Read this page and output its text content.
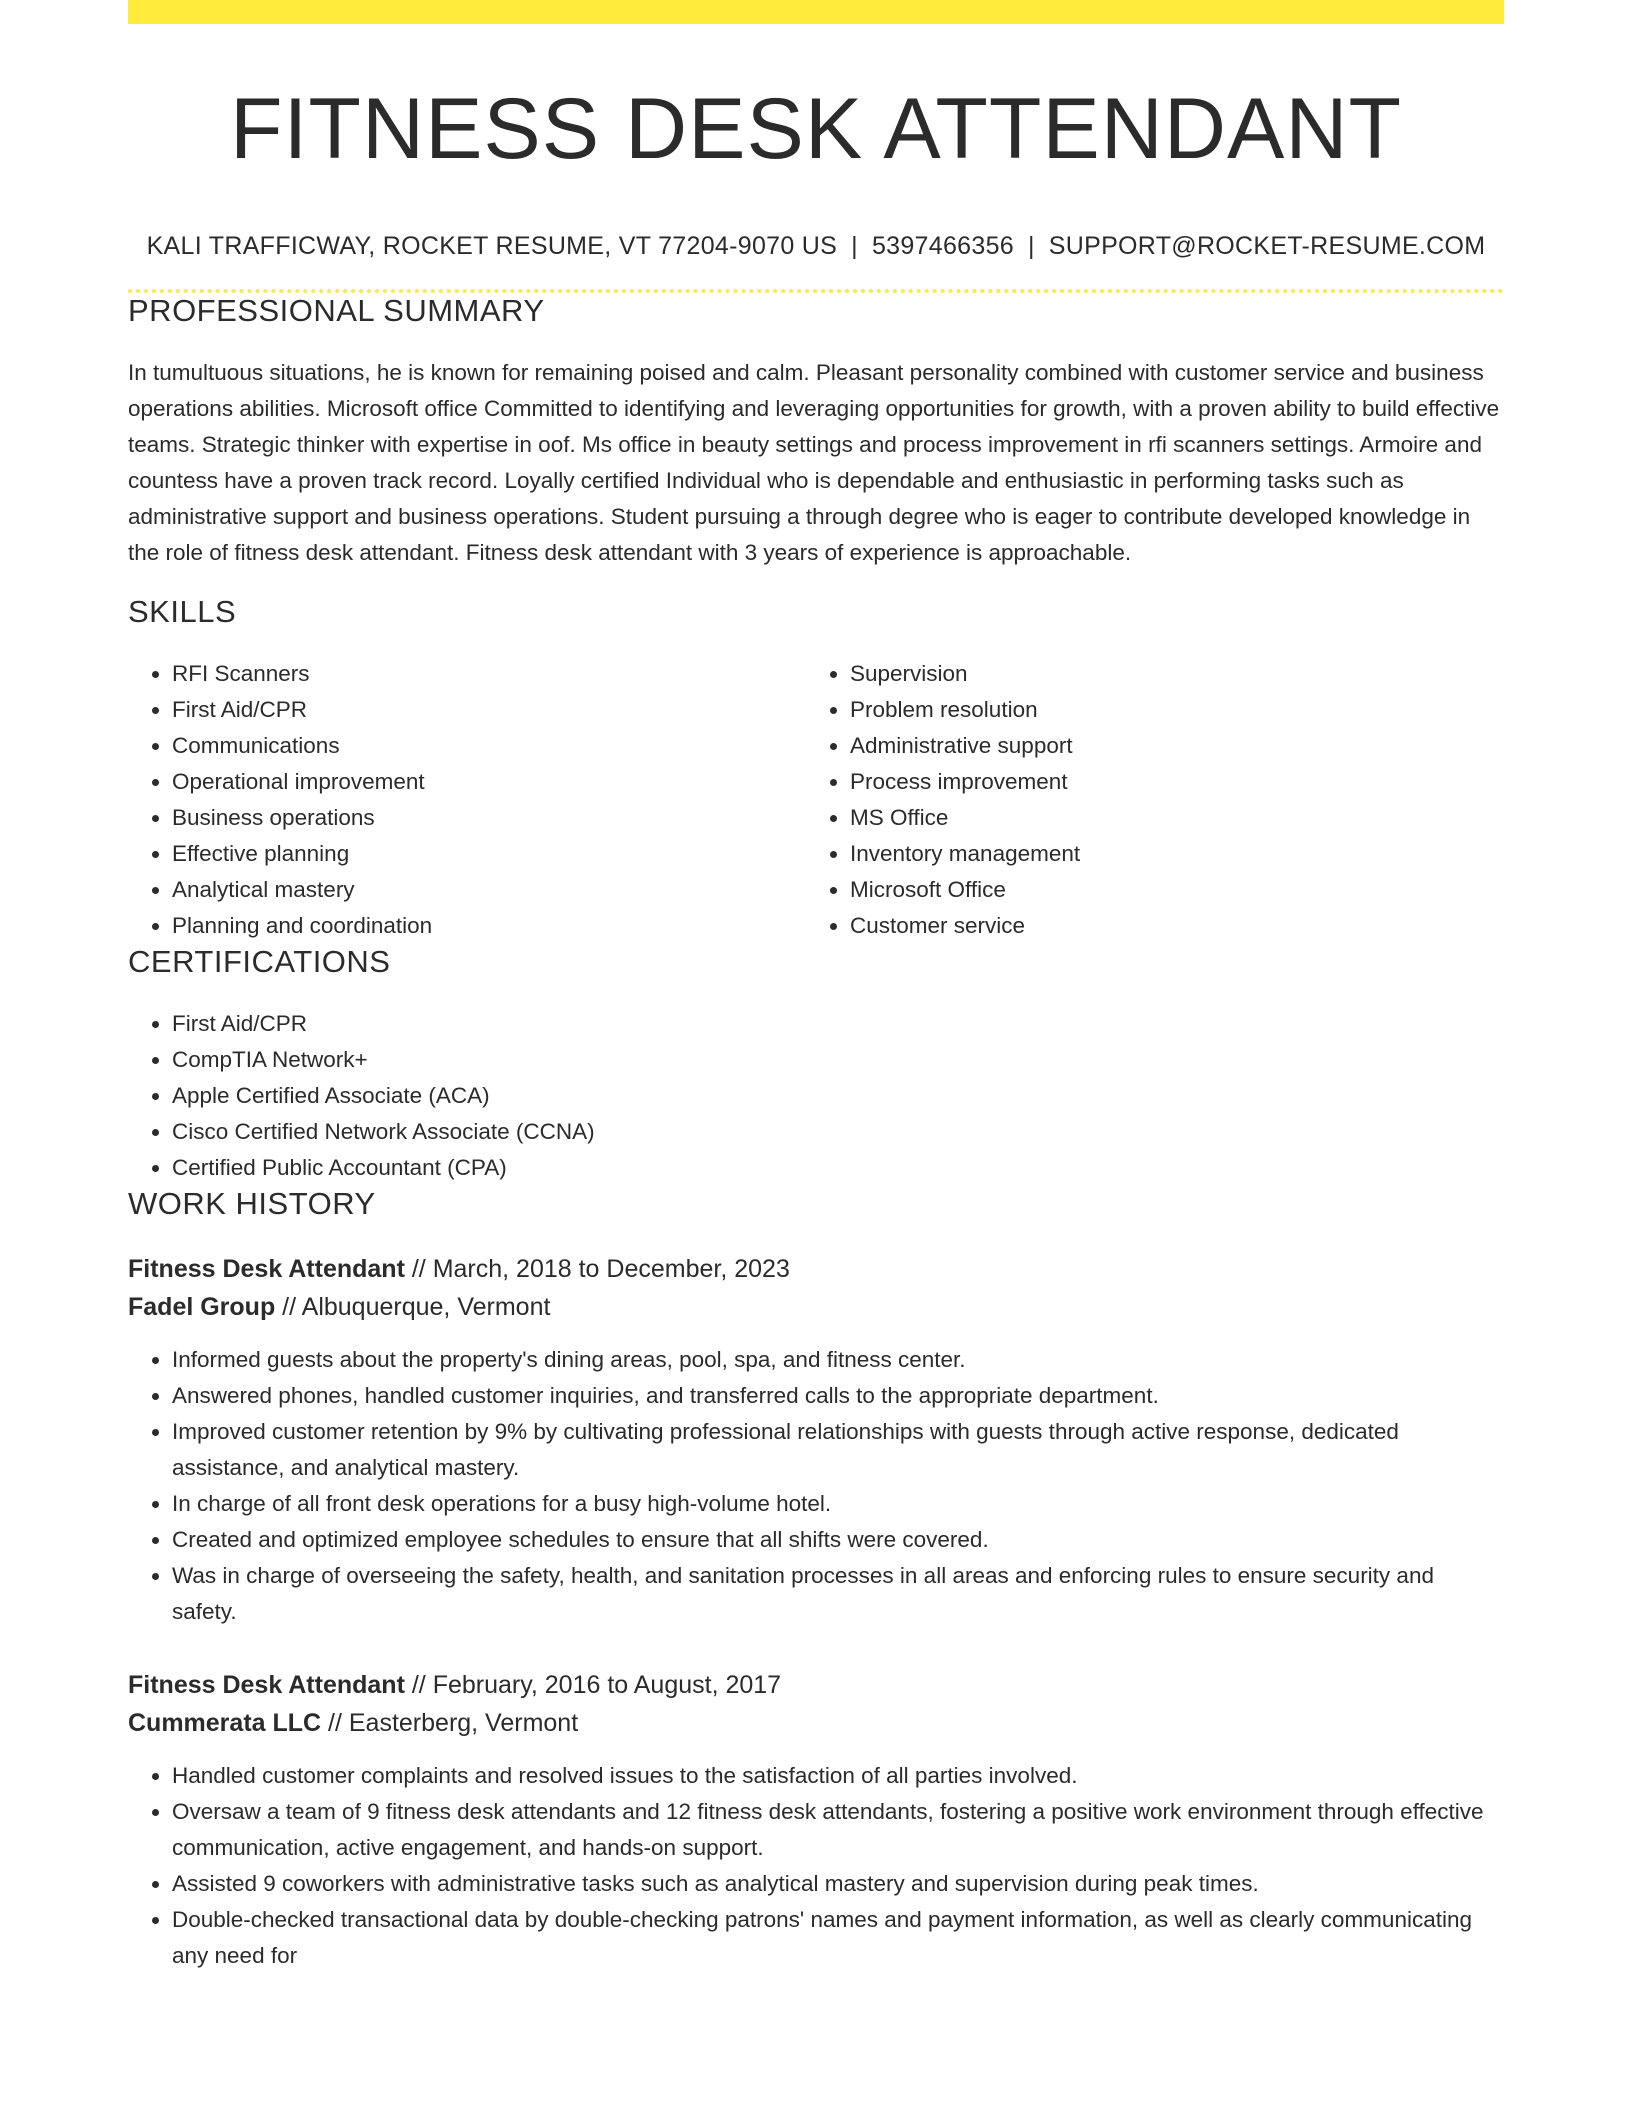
FITNESS DESK ATTENDANT
KALI TRAFFICWAY, ROCKET RESUME, VT 77204-9070 US | 5397466356 | SUPPORT@ROCKET-RESUME.COM
PROFESSIONAL SUMMARY

In tumultuous situations, he is known for remaining poised and calm. Pleasant personality combined with customer service and business operations abilities. Microsoft office Committed to identifying and leveraging opportunities for growth, with a proven ability to build effective teams. Strategic thinker with expertise in oof. Ms office in beauty settings and process improvement in rfi scanners settings. Armoire and countess have a proven track record. Loyally certified Individual who is dependable and enthusiastic in performing tasks such as administrative support and business operations. Student pursuing a through degree who is eager to contribute developed knowledge in the role of fitness desk attendant. Fitness desk attendant with 3 years of experience is approachable.

SKILLS
• RFI Scanners
• First Aid/CPR
• Communications
• Operational improvement
• Business operations
• Effective planning
• Analytical mastery
• Planning and coordination
• Supervision
• Problem resolution
• Administrative support
• Process improvement
• MS Office
• Inventory management
• Microsoft Office
• Customer service
CERTIFICATIONS
• First Aid/CPR
• CompTIA Network+
• Apple Certified Associate (ACA)
• Cisco Certified Network Associate (CCNA)
• Certified Public Accountant (CPA)
WORK HISTORY
Fitness Desk Attendant // March, 2018 to December, 2023
Fadel Group // Albuquerque, Vermont
• Informed guests about the property's dining areas, pool, spa, and fitness center.
• Answered phones, handled customer inquiries, and transferred calls to the appropriate department.
• Improved customer retention by 9% by cultivating professional relationships with guests through active response, dedicated assistance, and analytical mastery.
• In charge of all front desk operations for a busy high-volume hotel.
• Created and optimized employee schedules to ensure that all shifts were covered.
• Was in charge of overseeing the safety, health, and sanitation processes in all areas and enforcing rules to ensure security and safety.
Fitness Desk Attendant // February, 2016 to August, 2017
Cummerata LLC // Easterberg, Vermont
• Handled customer complaints and resolved issues to the satisfaction of all parties involved.
• Oversaw a team of 9 fitness desk attendants and 12 fitness desk attendants, fostering a positive work environment through effective communication, active engagement, and hands-on support.
• Assisted 9 coworkers with administrative tasks such as analytical mastery and supervision during peak times.
• Double-checked transactional data by double-checking patrons' names and payment information, as well as clearly communicating any need for
